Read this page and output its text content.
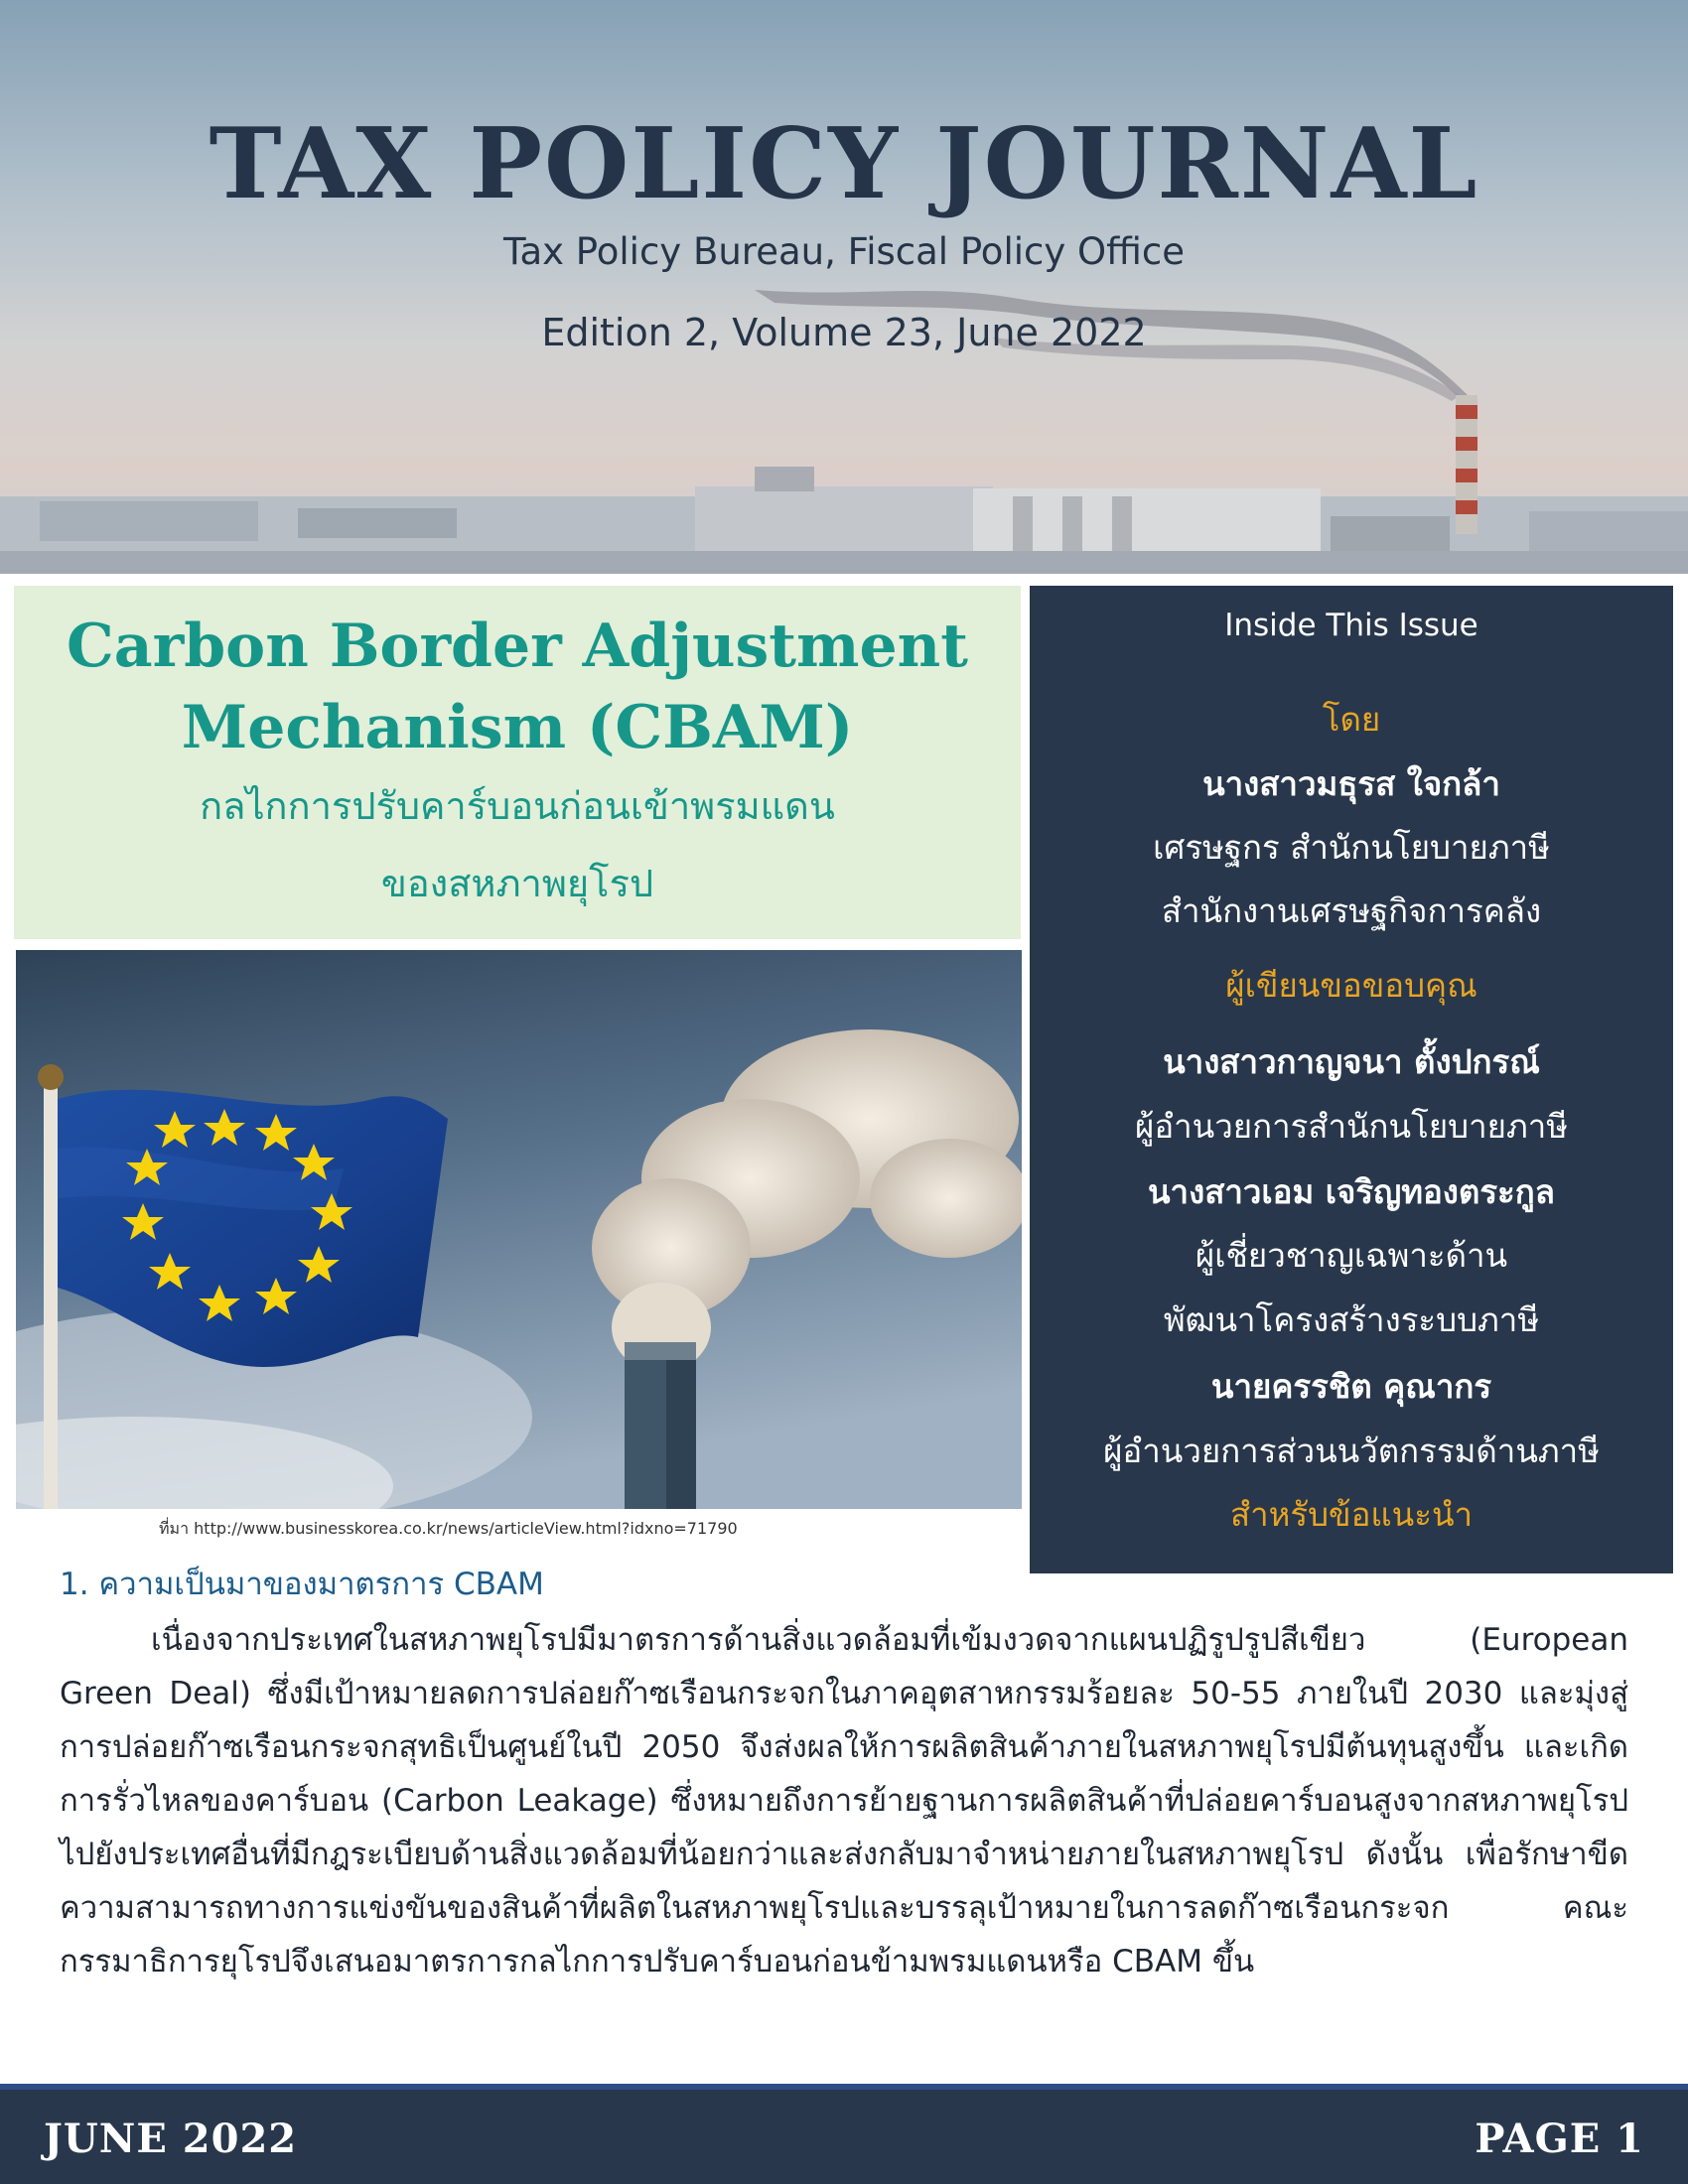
TAX POLICY JOURNAL
Tax Policy Bureau, Fiscal Policy Office
Edition 2, Volume 23, June 2022
Carbon Border Adjustment
Mechanism (CBAM)

กลไกการปรับคาร์บอนก่อนเข้าพรมแดน
ของสหภาพยุโรป

ที่มา http://www.businesskorea.co.kr/news/articleView.html?idxno=71790
Inside This Issue
โดย
นางสาวมธุรส ใจกล้า
เศรษฐกร สำนักนโยบายภาษี
สำนักงานเศรษฐกิจการคลัง
ผู้เขียนขอขอบคุณ
นางสาวกาญจนา ตั้งปกรณ์
ผู้อำนวยการสำนักนโยบายภาษี
นางสาวเอม เจริญทองตระกูล
ผู้เชี่ยวชาญเฉพาะด้าน
พัฒนาโครงสร้างระบบภาษี
นายครรชิต คุณากร
ผู้อำนวยการส่วนนวัตกรรมด้านภาษี
สำหรับข้อแนะนำ
1. ความเป็นมาของมาตรการ CBAM

เนื่องจากประเทศในสหภาพยุโรปมีมาตรการด้านสิ่งแวดล้อมที่เข้มงวดจากแผนปฏิรูปรูปสีเขียว (European Green Deal) ซึ่งมีเป้าหมายลดการปล่อยก๊าซเรือนกระจกในภาคอุตสาหกรรมร้อยละ 50-55 ภายในปี 2030 และมุ่งสู่การปล่อยก๊าซเรือนกระจกสุทธิเป็นศูนย์ในปี 2050 จึงส่งผลให้การผลิตสินค้าภายในสหภาพยุโรปมีต้นทุนสูงขึ้น และเกิดการรั่วไหลของคาร์บอน (Carbon Leakage) ซึ่งหมายถึงการย้ายฐานการผลิตสินค้าที่ปล่อยคาร์บอนสูงจากสหภาพยุโรปไปยังประเทศอื่นที่มีกฎระเบียบด้านสิ่งแวดล้อมที่น้อยกว่าและส่งกลับมาจำหน่ายภายในสหภาพยุโรป ดังนั้น เพื่อรักษาขีดความสามารถทางการแข่งขันของสินค้าที่ผลิตในสหภาพยุโรปและบรรลุเป้าหมายในการลดก๊าซเรือนกระจก คณะกรรมาธิการยุโรปจึงเสนอมาตรการกลไกการปรับคาร์บอนก่อนข้ามพรมแดนหรือ CBAM ขึ้น

JUNE 2022	PAGE 1
